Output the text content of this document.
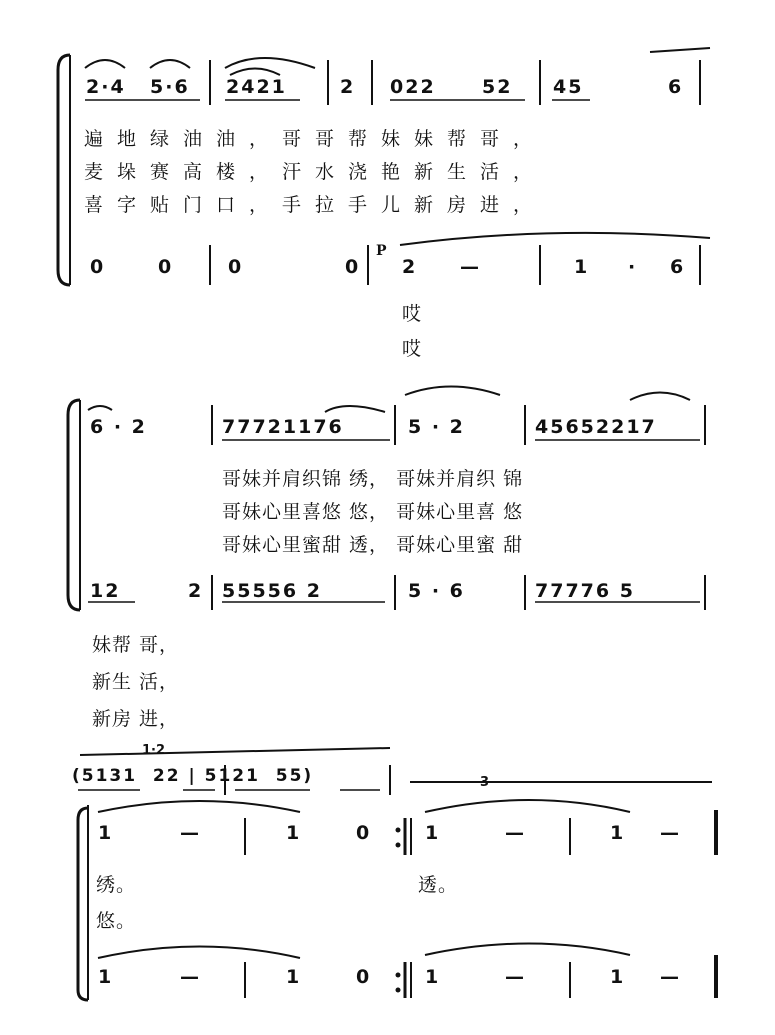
2·4 5·6 2421	2 022 52 45	6
遍地绿油油，哥哥帮妹妹帮哥，
麦垛赛高楼，汗水浇艳新生活，
喜字贴门口，手拉手儿新房进，
0	0	0	0
P
2 —	1 · 6
哎
哎
6 · 2	77721176	5 · 2	45652217
哥妹并肩织锦 绣， 哥妹并肩织 锦
哥妹心里喜悠 悠， 哥妹心里喜 悠
哥妹心里蜜甜 透， 哥妹心里蜜 甜
12	2 55556 2	5 · 6	77776 5
妹帮 哥，
新生 活，
新房 进，
1·2
3
(5131  22 | 5121  55)
1	—	1	0	1	—	1 —
绣。	透。
悠。
1	—	1	0	1	—	1 —
